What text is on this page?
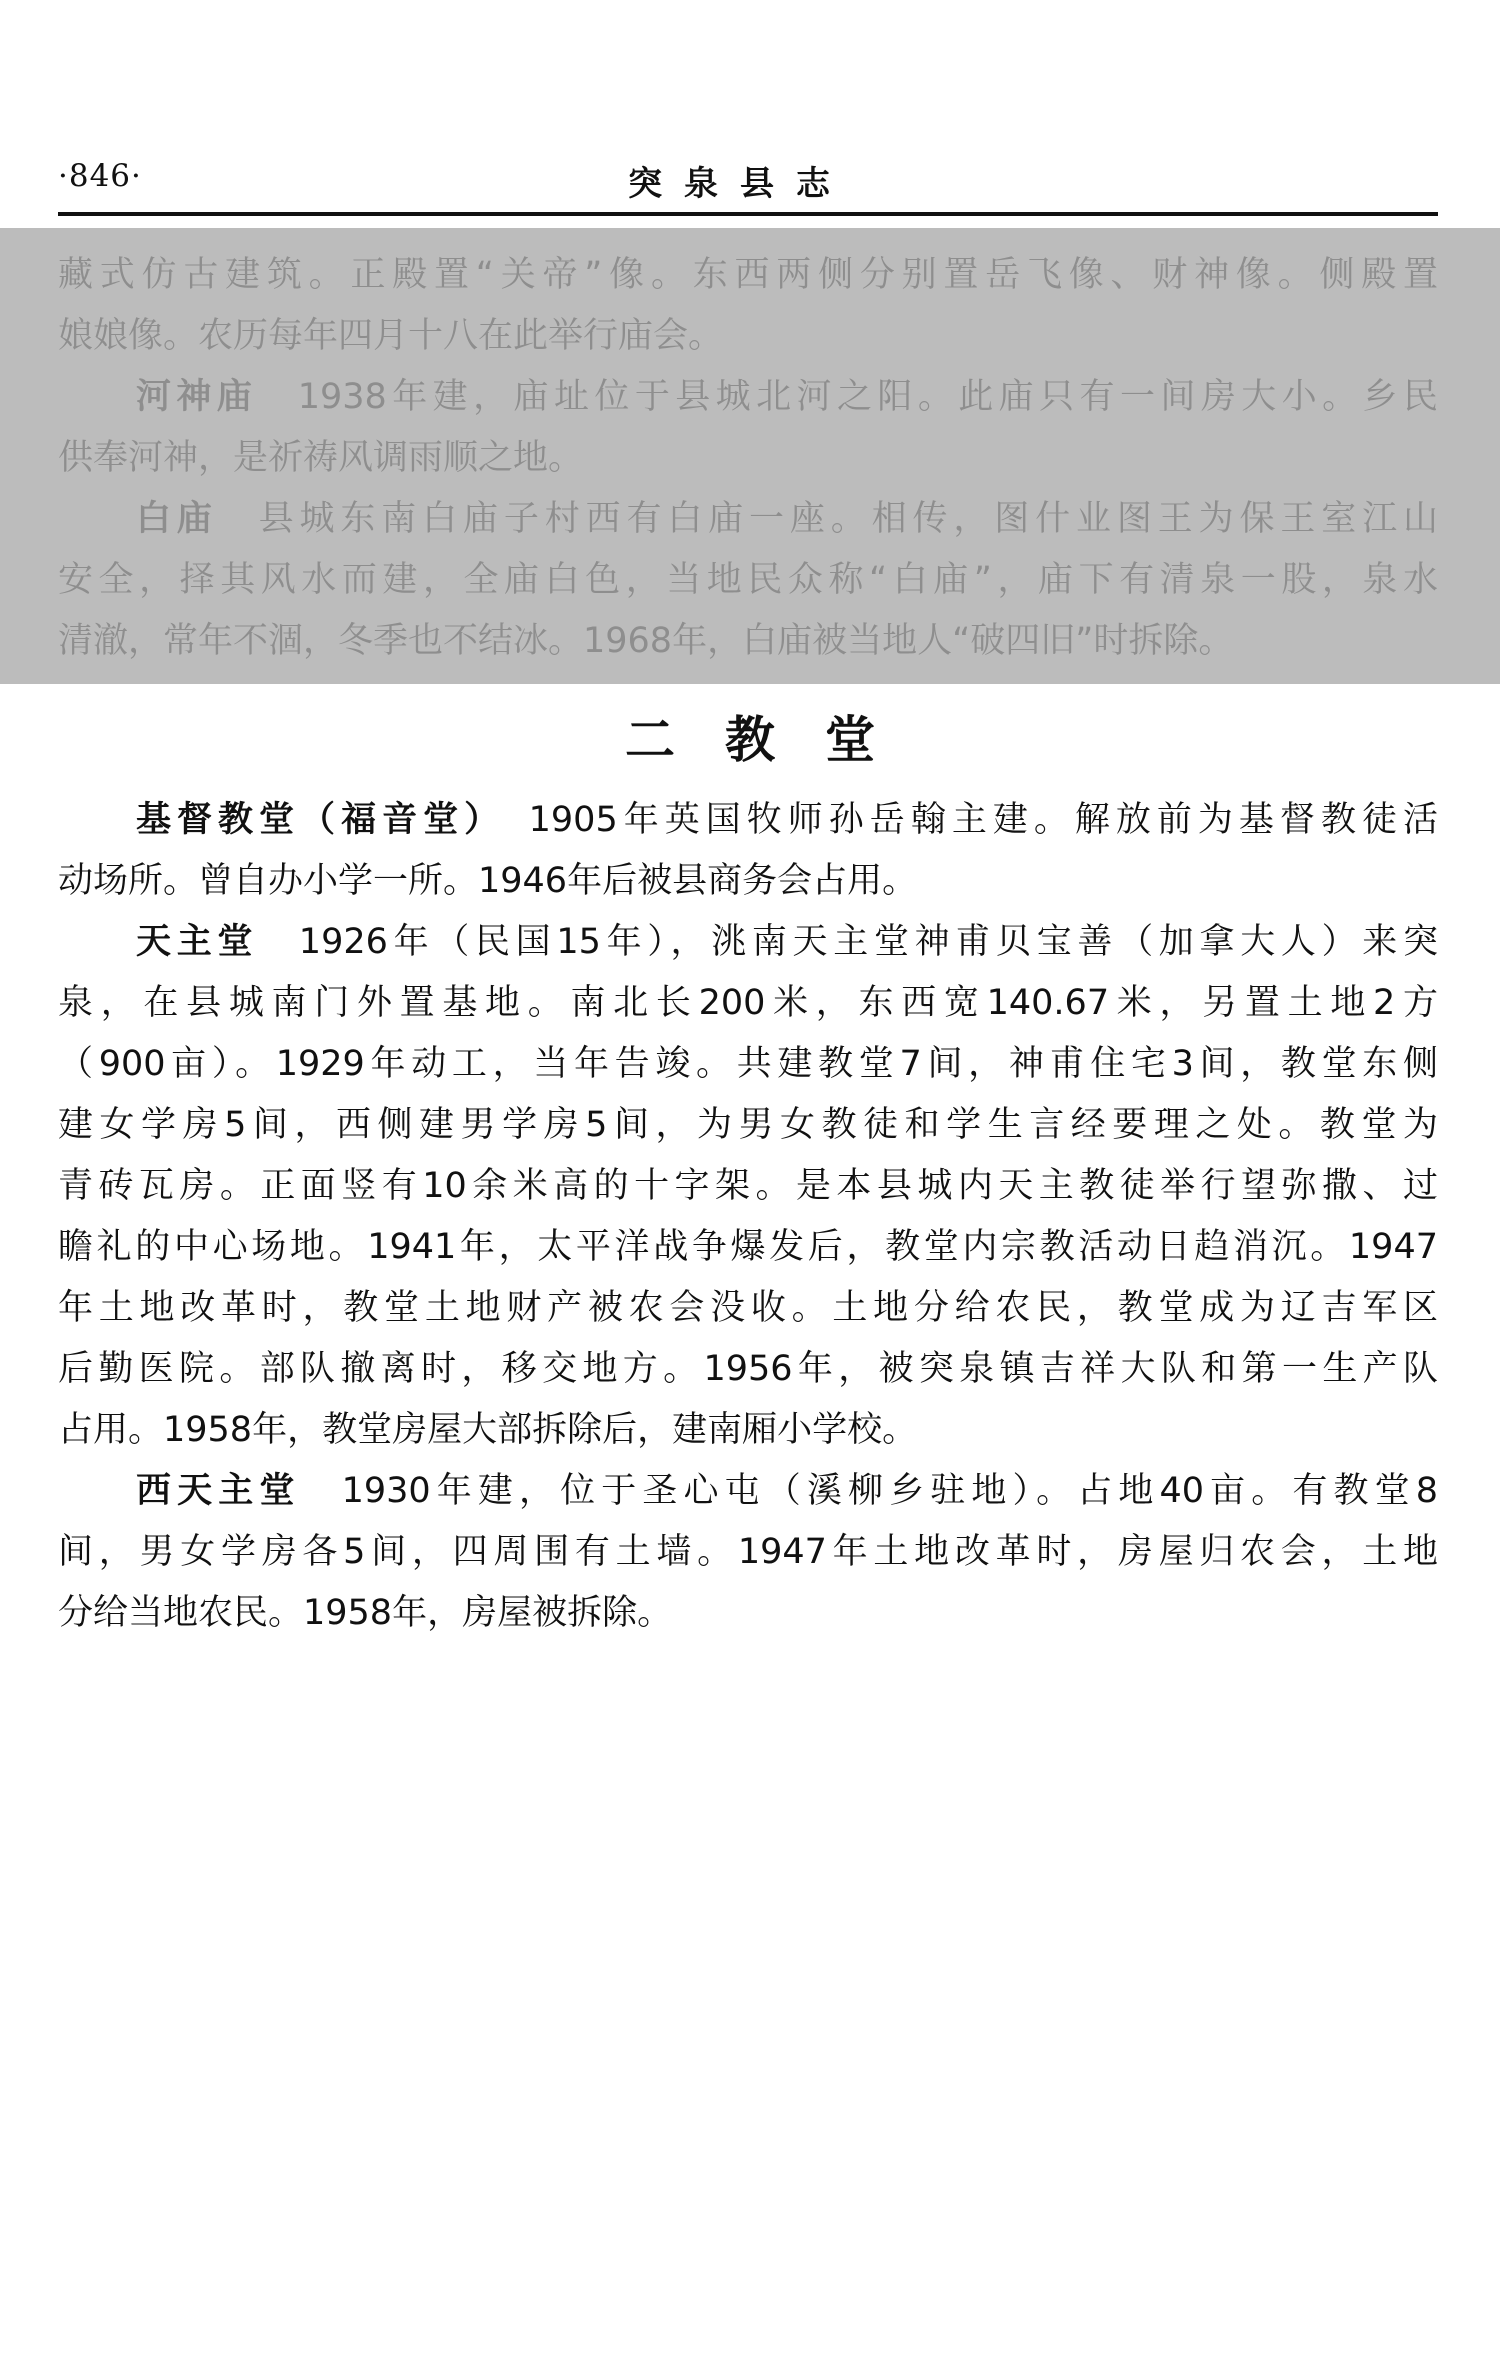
·846·	突泉县志

藏式仿古建筑。正殿置“关帝”像。东西两侧分别置岳飞像、财神像。侧殿置

娘娘像。农历每年四月十八在此举行庙会。

河神庙　 1938年建，庙址位于县城北河之阳。此庙只有一间房大小。乡民

供奉河神，是祈祷风调雨顺之地。

白庙　 县城东南白庙子村西有白庙一座。相传，图什业图王为保王室江山

安全，择其风水而建，全庙白色，当地民众称“白庙”，庙下有清泉一股，泉水

清澈，常年不涸，冬季也不结冰。1968年，白庙被当地人“破四旧”时拆除。

二教堂

基督教堂（福音堂）　 1905年英国牧师孙岳翰主建。解放前为基督教徒活

动场所。曾自办小学一所。1946年后被县商务会占用。

天主堂　 1926年（民国15年），洮南天主堂神甫贝宝善（加拿大人）来突

泉，在县城南门外置基地。南北长200米，东西宽140.67米，另置土地2方

（900亩）。1929年动工，当年告竣。共建教堂7间，神甫住宅3间，教堂东侧

建女学房5间，西侧建男学房5间，为男女教徒和学生言经要理之处。教堂为

青砖瓦房。正面竖有10余米高的十字架。是本县城内天主教徒举行望弥撒、过

瞻礼的中心场地。1941年，太平洋战争爆发后，教堂内宗教活动日趋消沉。1947

年土地改革时，教堂土地财产被农会没收。土地分给农民，教堂成为辽吉军区

后勤医院。部队撤离时，移交地方。1956年，被突泉镇吉祥大队和第一生产队

占用。1958年，教堂房屋大部拆除后，建南厢小学校。

西天主堂　 1930年建，位于圣心屯（溪柳乡驻地）。占地40亩。有教堂8

间，男女学房各5间，四周围有土墙。1947年土地改革时，房屋归农会，土地

分给当地农民。1958年，房屋被拆除。
